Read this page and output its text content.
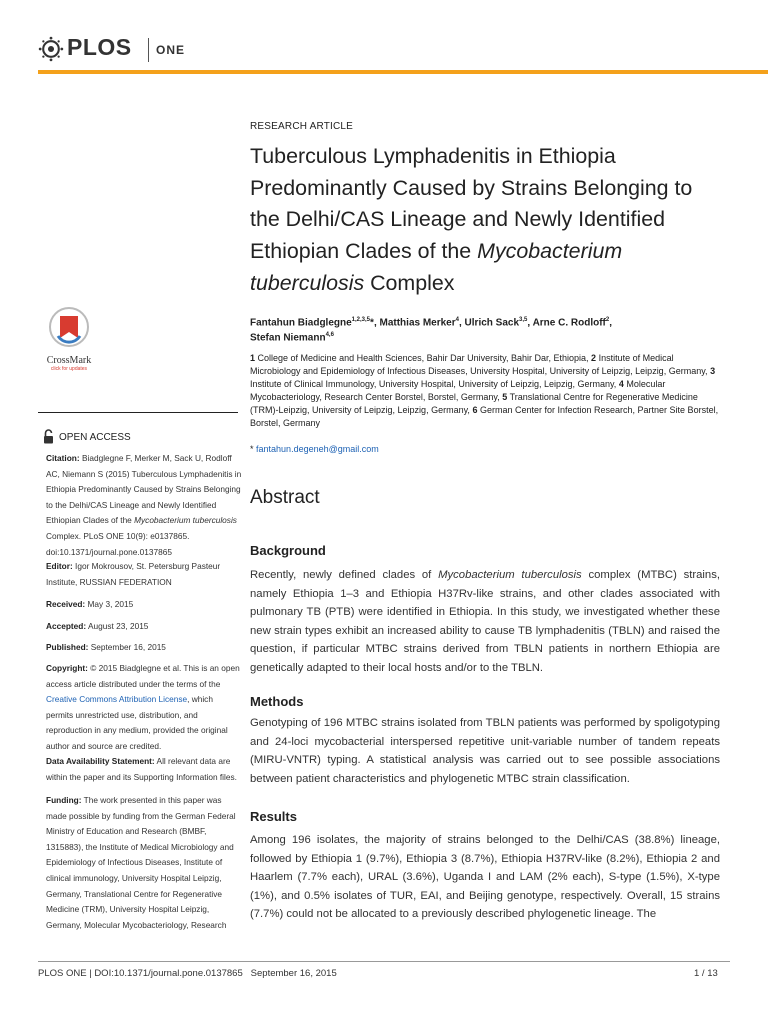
PLOS ONE
CrossMark
click for updates
OPEN ACCESS
Citation: Biadglegne F, Merker M, Sack U, Rodloff AC, Niemann S (2015) Tuberculous Lymphadenitis in Ethiopia Predominantly Caused by Strains Belonging to the Delhi/CAS Lineage and Newly Identified Ethiopian Clades of the Mycobacterium tuberculosis Complex. PLoS ONE 10(9): e0137865. doi:10.1371/journal.pone.0137865
Editor: Igor Mokrousov, St. Petersburg Pasteur Institute, RUSSIAN FEDERATION
Received: May 3, 2015
Accepted: August 23, 2015
Published: September 16, 2015
Copyright: © 2015 Biadglegne et al. This is an open access article distributed under the terms of the Creative Commons Attribution License, which permits unrestricted use, distribution, and reproduction in any medium, provided the original author and source are credited.
Data Availability Statement: All relevant data are within the paper and its Supporting Information files.
Funding: The work presented in this paper was made possible by funding from the German Federal Ministry of Education and Research (BMBF, 1315883), the Institute of Medical Microbiology and Epidemiology of Infectious Diseases, Institute of clinical immunology, University Hospital Leipzig, Germany, Translational Centre for Regenerative Medicine (TRM), University Hospital Leipzig, Germany, Molecular Mycobacteriology, Research
RESEARCH ARTICLE
Tuberculous Lymphadenitis in Ethiopia Predominantly Caused by Strains Belonging to the Delhi/CAS Lineage and Newly Identified Ethiopian Clades of the Mycobacterium tuberculosis Complex
Fantahun Biadglegne$^{1,2,3,5}$*, Matthias Merker$^4$, Ulrich Sack$^{3,5}$, Arne C. Rodloff$^2$,
Stefan Niemann$^{4,6}$
1 College of Medicine and Health Sciences, Bahir Dar University, Bahir Dar, Ethiopia, 2 Institute of Medical Microbiology and Epidemiology of Infectious Diseases, University Hospital, University of Leipzig, Leipzig, Germany, 3 Institute of Clinical Immunology, University Hospital, University of Leipzig, Leipzig, Germany, 4 Molecular Mycobacteriology, Research Center Borstel, Borstel, Germany, 5 Translational Centre for Regenerative Medicine (TRM)-Leipzig, University of Leipzig, Leipzig, Germany, 6 German Center for Infection Research, Partner Site Borstel, Borstel, Germany
* fantahun.degeneh@gmail.com
Abstract
Background
Recently, newly defined clades of Mycobacterium tuberculosis complex (MTBC) strains, namely Ethiopia 1–3 and Ethiopia H37Rv-like strains, and other clades associated with pulmonary TB (PTB) were identified in Ethiopia. In this study, we investigated whether these new strain types exhibit an increased ability to cause TB lymphadenitis (TBLN) and raised the question, if particular MTBC strains derived from TBLN patients in northern Ethiopia are genetically adapted to their local hosts and/or to the TBLN.
Methods
Genotyping of 196 MTBC strains isolated from TBLN patients was performed by spoligotyping and 24-loci mycobacterial interspersed repetitive unit-variable number of tandem repeats (MIRU-VNTR) typing. A statistical analysis was carried out to see possible associations between patient characteristics and phylogenetic MTBC strain classification.
Results
Among 196 isolates, the majority of strains belonged to the Delhi/CAS (38.8%) lineage, followed by Ethiopia 1 (9.7%), Ethiopia 3 (8.7%), Ethiopia H37RV-like (8.2%), Ethiopia 2 and Haarlem (7.7% each), URAL (3.6%), Uganda I and LAM (2% each), S-type (1.5%), X-type (1%), and 0.5% isolates of TUR, EAI, and Beijing genotype, respectively. Overall, 15 strains (7.7%) could not be allocated to a previously described phylogenetic lineage. The
PLOS ONE | DOI:10.1371/journal.pone.0137865   September 16, 2015	1 / 13
